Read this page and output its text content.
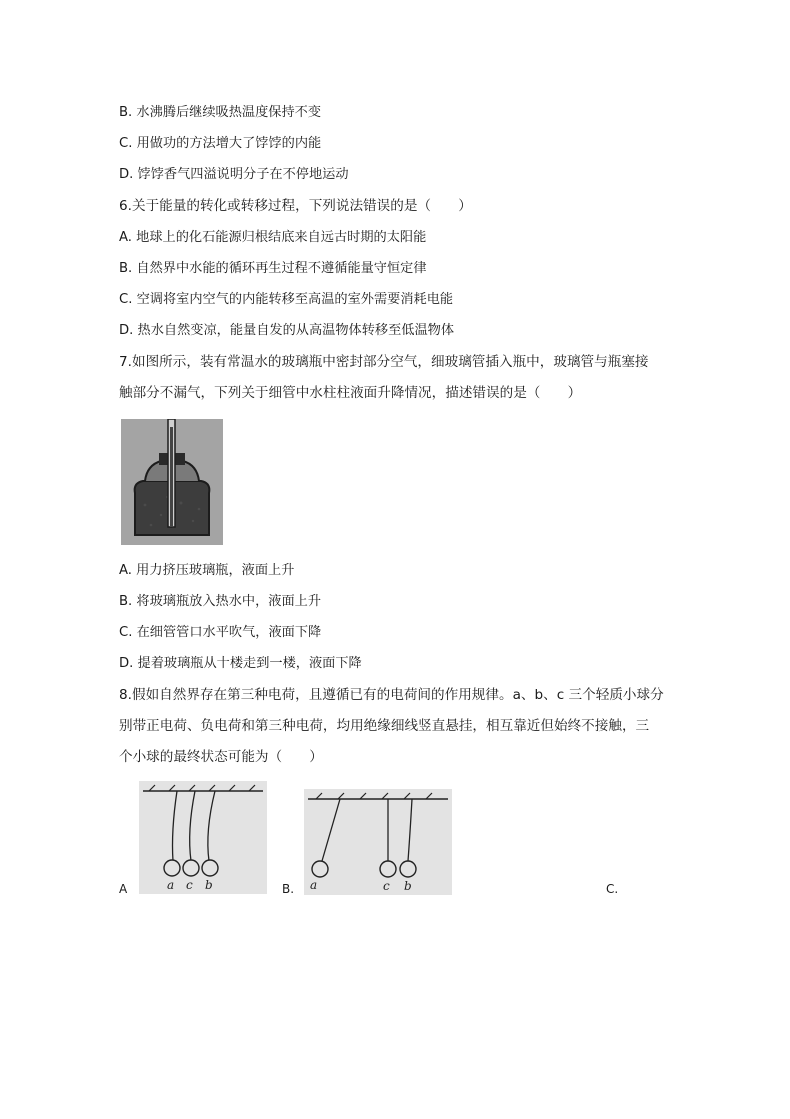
B. 水沸腾后继续吸热温度保持不变
C. 用做功的方法增大了饽饽的内能
D. 饽饽香气四溢说明分子在不停地运动
6.关于能量的转化或转移过程，下列说法错误的是（　　）
A. 地球上的化石能源归根结底来自远古时期的太阳能
B. 自然界中水能的循环再生过程不遵循能量守恒定律
C. 空调将室内空气的内能转移至高温的室外需要消耗电能
D. 热水自然变凉，能量自发的从高温物体转移至低温物体
7.如图所示，装有常温水的玻璃瓶中密封部分空气，细玻璃管插入瓶中，玻璃管与瓶塞接
触部分不漏气，下列关于细管中水柱柱液面升降情况，描述错误的是（　　）
A. 用力挤压玻璃瓶，液面上升
B. 将玻璃瓶放入热水中，液面上升
C. 在细管管口水平吹气，液面下降
D. 提着玻璃瓶从十楼走到一楼，液面下降
8.假如自然界存在第三种电荷，且遵循已有的电荷间的作用规律。a、b、c 三个轻质小球分
别带正电荷、负电荷和第三种电荷，均用绝缘细线竖直悬挂，相互靠近但始终不接触，三
个小球的最终状态可能为（　　）
A	a c b	B. a	c b	C.
